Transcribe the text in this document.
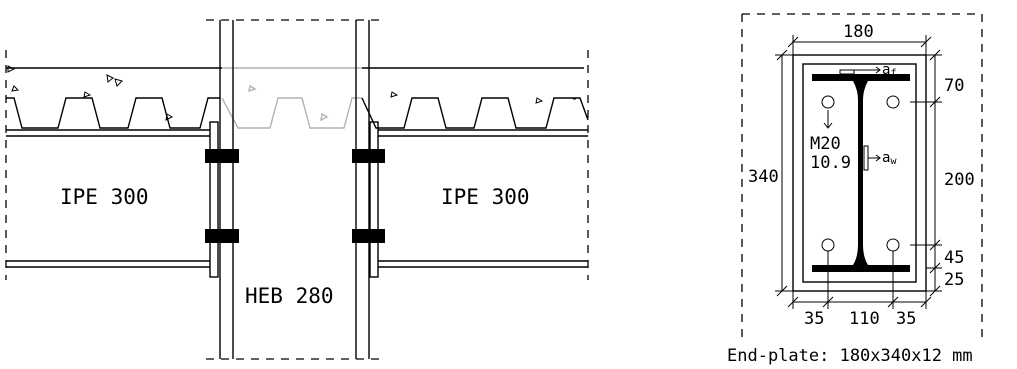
IPE 300	IPE 300
HEB 280
M20
10.9
af
aw
180
340
70
200
45
25
35 110 35
End-plate: 180x340x12 mm
